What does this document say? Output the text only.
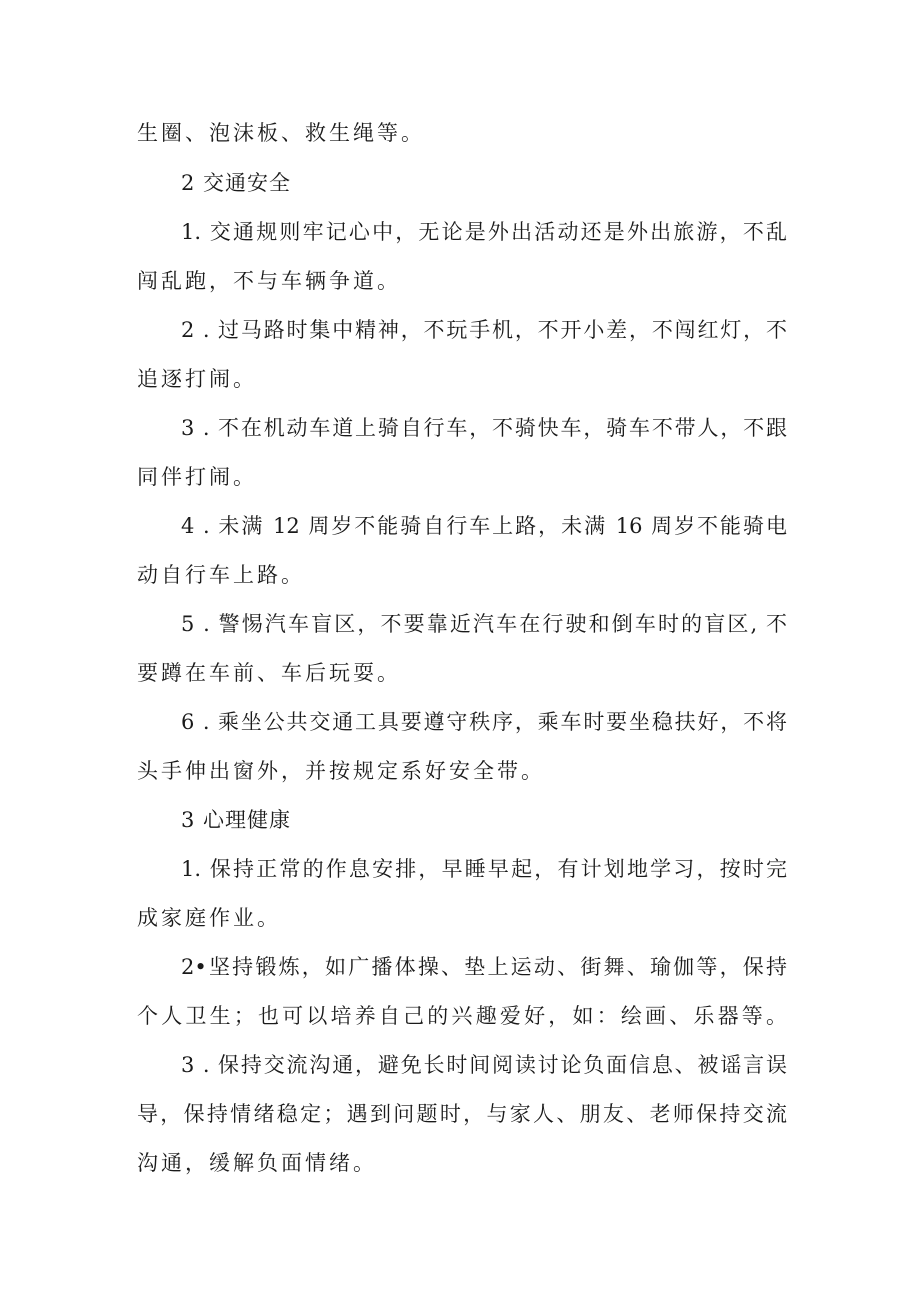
生圈、泡沫板、救生绳等。
2 交通安全
1. 交通规则牢记心中，无论是外出活动还是外出旅游，不乱
闯乱跑，不与车辆争道。
2 . 过马路时集中精神，不玩手机，不开小差，不闯红灯，不
追逐打闹。
3 . 不在机动车道上骑自行车，不骑快车，骑车不带人，不跟
同伴打闹。
4 . 未满 12 周岁不能骑自行车上路，未满 16 周岁不能骑电
动自行车上路。
5 . 警惕汽车盲区，不要靠近汽车在行驶和倒车时的盲区, 不
要蹲在车前、车后玩耍。
6 . 乘坐公共交通工具要遵守秩序，乘车时要坐稳扶好，不将
头手伸出窗外，并按规定系好安全带。
3 心理健康
1. 保持正常的作息安排，早睡早起，有计划地学习，按时完
成家庭作业。
2•坚持锻炼，如广播体操、垫上运动、街舞、瑜伽等，保持
个人卫生；也可以培养自己的兴趣爱好，如：绘画、乐器等。
3 . 保持交流沟通，避免长时间阅读讨论负面信息、被谣言误
导，保持情绪稳定；遇到问题时，与家人、朋友、老师保持交流
沟通，缓解负面情绪。
